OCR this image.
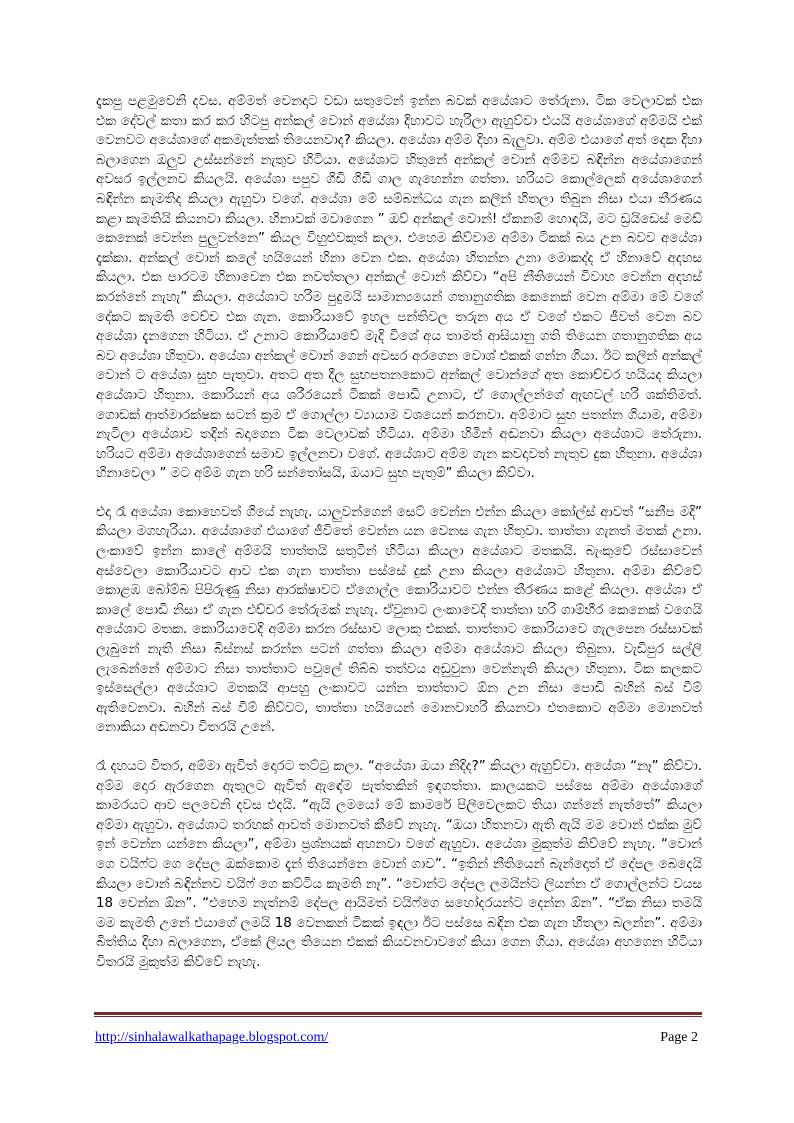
දැකපු පළමුවෙනි දවස. අම්මත් වෙනදාට වඩා සතුටෙන් ඉන්න බවක් අයේශාට තේරුනා. ටික වෙලාවක් එක එක දේවල් කතා කර කර හිටපු අන්කල් වොන් අයේශා දිහාවට හැරිලා ඇහුව්වා එයයි අයේශාගේ අම්මයි එක් වෙනවට අයේශාගේ අකමැත්තක් තියෙනවාද? කියලා. අයේශා අම්ම දිහා බැලුවා. අම්ම එයාගේ අත් දෙක දිහා බලාගෙන ඔලුව උස්සන්නේ නැතුව හිටියා. අයේශාට හිතුනේ අන්කල් වොන් අම්මව බඳින්න අයේශාගෙන් අවසර ඉල්ලනව කියලයි. අයේශා පපුව ගිඩි ගිඩි ගාල ගැහෙන්න ගත්තා. හරියට කොල්ලෙක් අයේශාගෙන් බඳින්න කැමතිද කියලා ඇහුවා වගේ. අයේශා මේ සම්බන්ධය ගැන කලින් හිතලා තිබුන නිසා එයා තීරණය කළා කැමතියි කියනවා කියලා. හිනාවක් මවාගෙන ” ඔව් අන්කල් වොන්! ඒකනම් හොඳයි, මට ඩ්‍රයිඩෙස් මෙඩ් කෙනෙක් වෙන්න පුලුවන්නෙ” කියල විහුළුවකුත් කලා. එහෙම කිව්වාම අම්මා ටිකක් බය උන බවව අයේශා දැක්කා. අන්කල් වොන් කලේ හයියෙන් හිනා වෙන එක. අයේශා හිතන්න උනා මොකද්ද ඒ හිනාවේ අදහස කියලා. එක පාරටම හිනාවෙන එක නවත්තලා අන්කල් වොන් කිව්වා “අපි නීතියෙන් විවාහ වෙන්න අදහස් කරන්නේ නැහැ” කියලා. අයේශාට හරිම පුදුමයි සාමාන්‍යයෙන් ගතානුගතික කෙනෙක් වෙන අම්මා මේ වගේ දේකට කැමති වෙච්ච එක ගැන. කොරියාවේ ඉහල පන්තිවල තරුන අය ඒ වගේ එකට ජීවත් වෙන බව අයේශා දැනගෙන හිටියා. ඒ උනාට කොරියාවේ මැදි විශේ අය තාමත් ආසියානු ගති තියෙන ගතානුගතික අය බව අයේශා හිතුවා. අයේශා අන්කල් වොන් ගෙන් අවසර අරගෙන වොශ් එකක් ගන්න ගියා. ඊට කලින් අන්කල් වොන් ට අයේශා සුභ පැතුවා. අතට අත දීල සුභපතනකොට අන්කල් වොන්ගේ අත කොච්චර හයියද කියලා අයේශාට හිතුනා. කොරියන් අය ශරීරයෙන් ටිකක් පොඩි උනාට, ඒ ගොල්ලන්ගේ ඇඟවල් හරි ශක්තිමත්. ගොඩක් ආත්මාරක්ෂක සටන් ක්‍රම ඒ ගොල්ලා ව්‍යායාම වශයෙන් කරනවා. අම්මාට සුභ පතන්න ගියාම, අම්මා නැටිලා අයේශාව තදින් බදාගෙන ටික වෙලාවක් හිටියා. අම්මා හිමින් අඬනවා කියලා අයේශාට තේරුනා. හරියට අම්මා අයේශාගෙන් සමාව ඉල්ලනවා වගේ. අයේශාට අම්ම ගැන කවදාවත් නැතුව දුක හිතුනා. අයේශා හිනාවෙලා ” මට අම්ම ගැන හරි සන්තෝසයි, ඔයාට සුභ පැතුම්” කියලා කිව්වා.

එදා රෑ අයේශා කොහෙවත් ගියේ නැහැ. යාලුවන්ගෙන් සෙට් වෙන්න එන්න කියලා කෝල්ස් ආවත් “සනීප මදි” කියලා මගහැරියා. අයේශාගේ එයාගේ ජීවිතේ වෙන්න යන වෙනස ගැන හිතුවා. තාත්තා ගැනත් මතක් උනා. ලංකාවේ ඉන්න කාලේ අම්මයි තාත්තයි සතුටින් හිටියා කියලා අයේශාට මතකයි. බැංකුවේ රස්සාවෙන් අස්වෙලා කොරියාවට ආව එක ගැන තාත්තා පස්සේ දුක් උනා කියලා අයේශාට හිතුනා. අම්මා කිව්වේ කොළඹ බෝම්බ පිපිරුණු නිසා ආරක්ෂාවට ඒගොල්ල කොරියාවට එන්න තීරණය කළේ කියලා. අයේශා ඒ කාලේ පොඩි නිසා ඒ ගැන එච්චර තේරුමක් නැහැ. ඒවුනාට ලංකාවෙදි තාත්තා හරි ගාම්භීර කෙනෙක් වගෙයි අයේශාට මතක. කොරියාවෙදි අම්මා කරන රස්සාව ලොකු එකක්. තාත්තාට කොරියාවෙ ගැලපෙන රස්සාවක් ලැබුනේ නැති නිසා බිස්නස් කරන්න පටන් ගත්තා කියලා අම්මා අයේශාට කියලා තිබුනා. වැඩිපුර සල්ලි ලැබෙන්නේ අම්මාට නිසා තාත්තාට පවුලේ තිබ්බ තත්වය අඩුවුනා වෙන්නැති කියලා හිතුනා. ටික කලකට ඉස්සෙල්ලා අයේශාට මතකයි ආපහු ලංකාවට යන්න තාත්තාට ඕන උන නිසා පොඩි බහින් බස් වීම් ඇතිවෙනවා. බහින් බස් වීම් කිව්වට, තාත්තා හයියෙන් මොනවාහරි කියනවා එතකොට අම්මා මොනවත් නොකියා අඬනවා විතරයි උනේ.

රෑ දහයට විතර, අම්මා ඇවිත් දොරට තට්ටු කලා. “අයේශා ඔයා නිදිද?” කියලා ඇහුව්වා. අයේශා “නෑ” කිව්වා. අම්ම දොර ඇරගෙන ඇතුලට ඇවිත් ඇඳේම පැත්තකින් ඉඳගත්තා. කාලයකට පස්සෙ අම්මා අයේශාගේ කාමරයට ආව පලවෙනි දවස එදයි. “ඇයි ලමයෝ මේ කාමරේ පිලිවෙලකට තියා ගන්නේ නැත්තේ” කියලා අම්මා ඇහුවා. අයේශාට තරහක් ආවත් මොනවත් කීවේ නැහැ. “ඔයා හිතනවා ඇති ඇයි මම වොන් එක්ක මුව් ඉන් වෙන්න යන්නෙ කියලා”, අම්මා ප්‍රශ්නයක් අහනවා වගේ ඇහුවා. අයේශා මුකුත්ම කිව්වේ නැහැ. “වොන් ගෙ වයිෆ්ට ගෙ දේපල ඔක්කොම දැන් තියෙන්නෙ වොන් ගාව”. “ඉතින් නීතියෙන් බැන්දොත් ඒ දේපල බෙදෙයි කියලා වොන් බඳින්නව වයිෆ් ගෙ කට්ටිය කැමති නෑ”. “වොන්ට දේපල ලමයින්ට ලියන්න ඒ ගොල්ලන්ට වයස 18 වෙන්න ඕන”. “එහෙම නැත්නම් දේපල ආයිමත් වයිෆ්ගෙ සහෝදරයන්ට දෙන්න ඕන”. “ඒක නිසා තමයි මම කැමති උනේ එයාගේ ලමයි 18 වෙනකන් ටිකක් ඉඳලා ඊට පස්සෙ බඳින එක ගැන හිතලා බලන්න”. අම්මා බිත්තිය දිහා බලාගෙන, ඒකේ ලියල තියෙන එකක් කියවනවාවගේ කියා ගෙන ගියා. අයේශා අහගෙන හිටියා විතරයි මුකුත්ම කිව්වේ නැහැ.

http://sinhalawalkathapage.blogspot.com/	Page 2
